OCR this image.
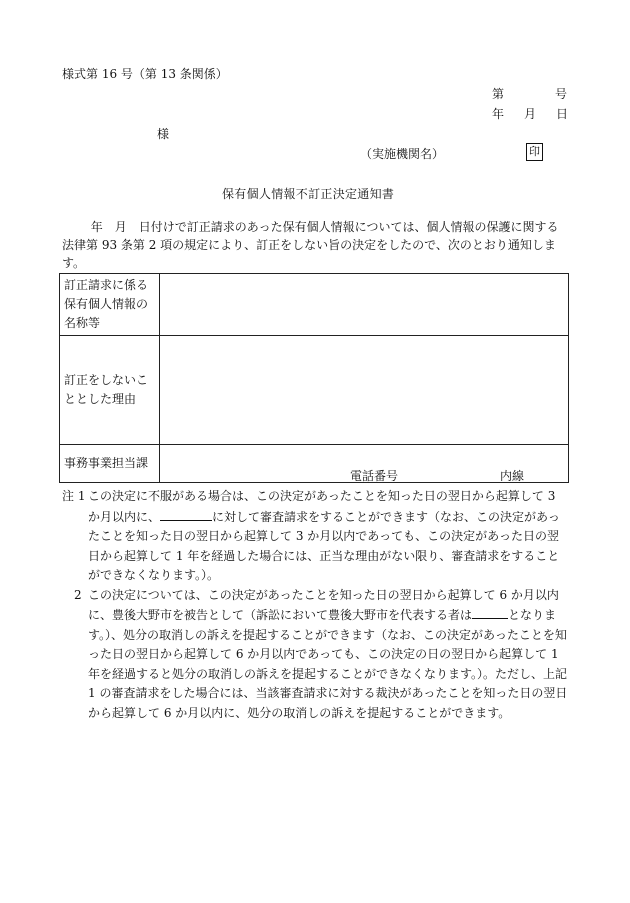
様式第 16 号（第 13 条関係）
第	号
年 月 日
様
（実施機関名）	印
保有個人情報不訂正決定通知書
年　月　日付けで訂正請求のあった保有個人情報については、個人情報の保護に関する法律第 93 条第 2 項の規定により、訂正をしない旨の決定をしたので、次のとおり通知します。
訂正請求に係る
保有個人情報の
名称等	

訂正をしないこ
ととした理由	

事務事業担当課	電話番号 内線
注 1 この決定に不服がある場合は、この決定があったことを知った日の翌日から起算して 3 か月以内に、	に対して審査請求をすることができます（なお、この決定があったことを知った日の翌日から起算して 3 か月以内であっても、この決定があった日の翌日から起算して 1 年を経過した場合には、正当な理由がない限り、審査請求をすることができなくなります。）。
2 この決定については、この決定があったことを知った日の翌日から起算して 6 か月以内に、豊後大野市を被告として（訴訟において豊後大野市を代表する者は	となります。）、処分の取消しの訴えを提起することができます（なお、この決定があったことを知った日の翌日から起算して 6 か月以内であっても、この決定の日の翌日から起算して 1 年を経過すると処分の取消しの訴えを提起することができなくなります。）。ただし、上記 1 の審査請求をした場合には、当該審査請求に対する裁決があったことを知った日の翌日から起算して 6 か月以内に、処分の取消しの訴えを提起することができます。
